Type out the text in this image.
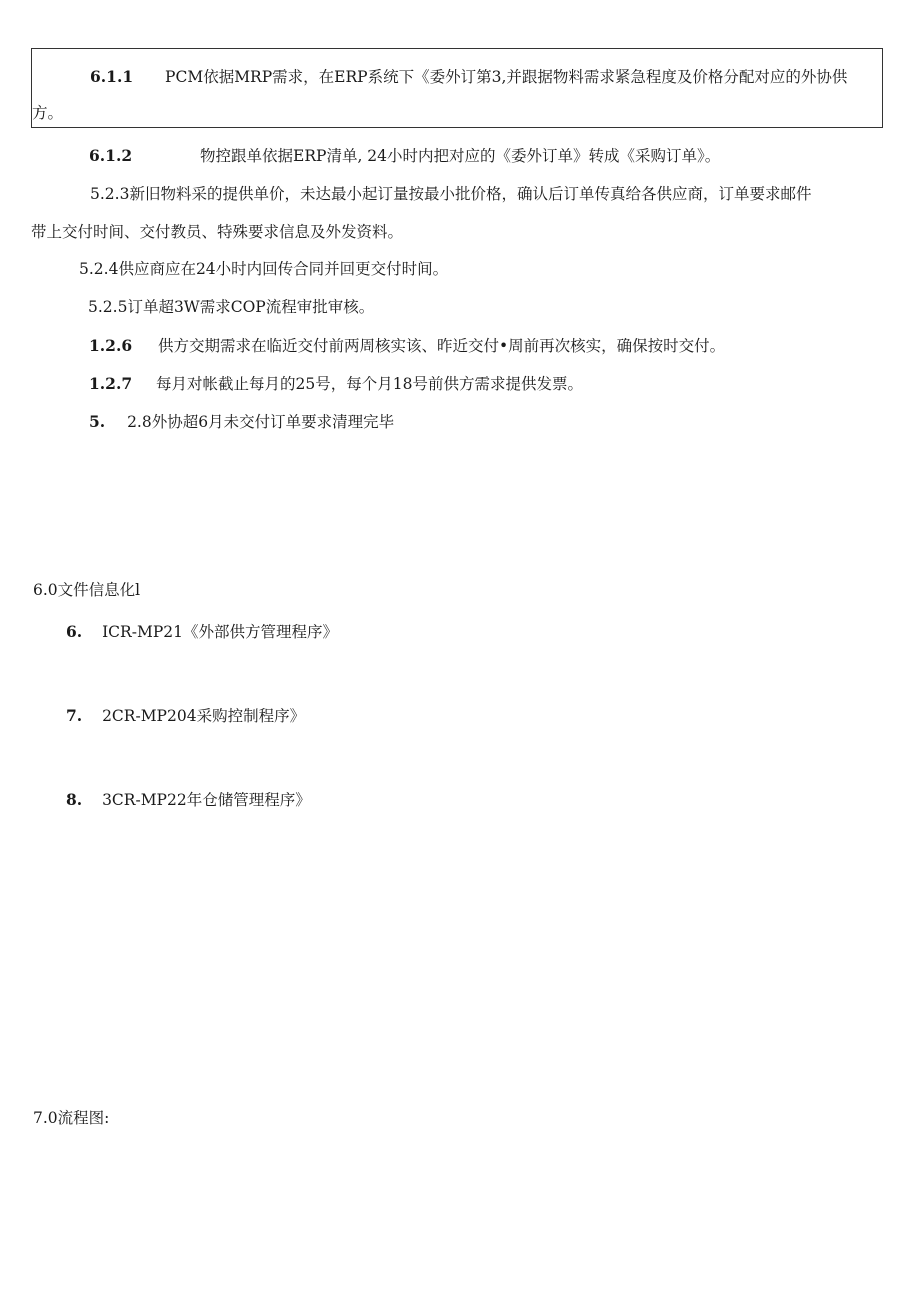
6.1.1 PCM依据MRP需求，在ERP系统下《委外订第3,并跟据物料需求紧急程度及价格分配对应的外协供
方。
6.1.2	物控跟单依据ERP清单, 24小时内把对应的《委外订单》转成《采购订单》。
5.2.3新旧物料采的提供单价，未达最小起订量按最小批价格，确认后订单传真给各供应商，订单要求邮件
带上交付时间、交付教员、特殊要求信息及外发资料。
5.2.4供应商应在24小时内回传合同并回更交付时间。
5.2.5订单超3W需求COP流程审批审核。
1.2.6 供方交期需求在临近交付前两周核实该、昨近交付•周前再次核实，确保按时交付。
1.2.7 每月对帐截止每月的25号，每个月18号前供方需求提供发票。
5. 2.8外协超6月未交付订单要求清理完毕
6.0文件信息化l
6. ICR-MP21《外部供方管理程序》
7. 2CR-MP204采购控制程序》
8. 3CR-MP22年仓储管理程序》
7.0流程图:
